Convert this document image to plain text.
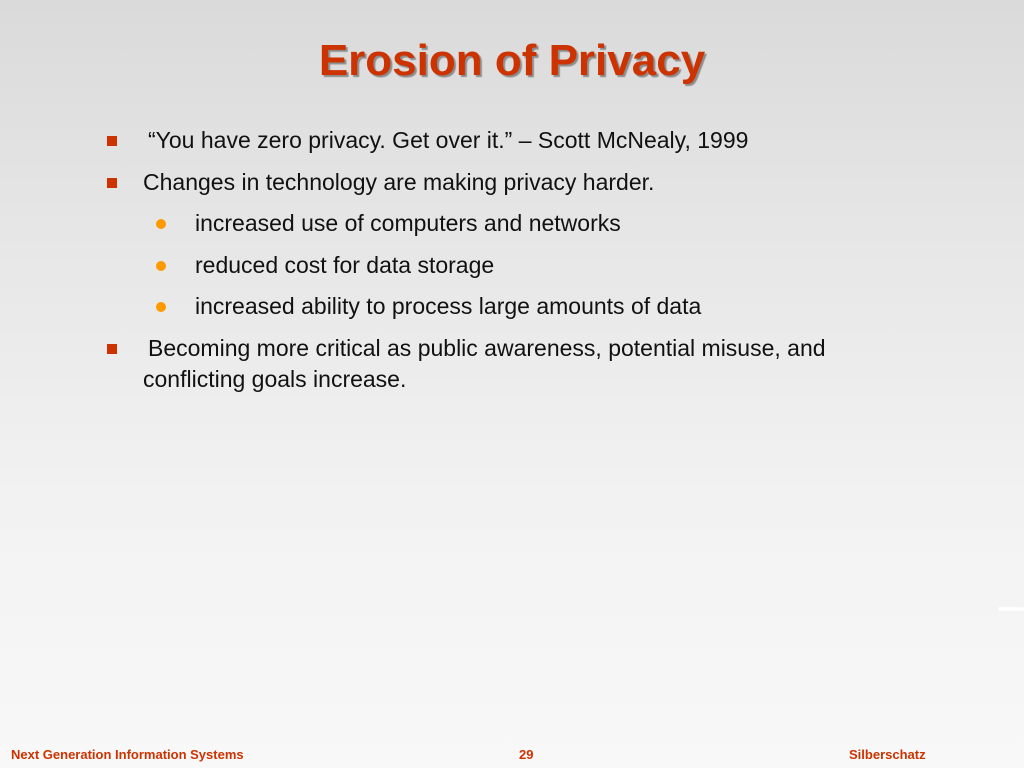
Erosion of Privacy
“You have zero privacy. Get over it.” – Scott McNealy, 1999
Changes in technology are making privacy harder.
increased use of computers and networks
reduced cost for data storage
increased ability to process large amounts of data
Becoming more critical as public awareness, potential misuse, and
conflicting goals increase.
Next Generation Information Systems	29	Silberschatz
